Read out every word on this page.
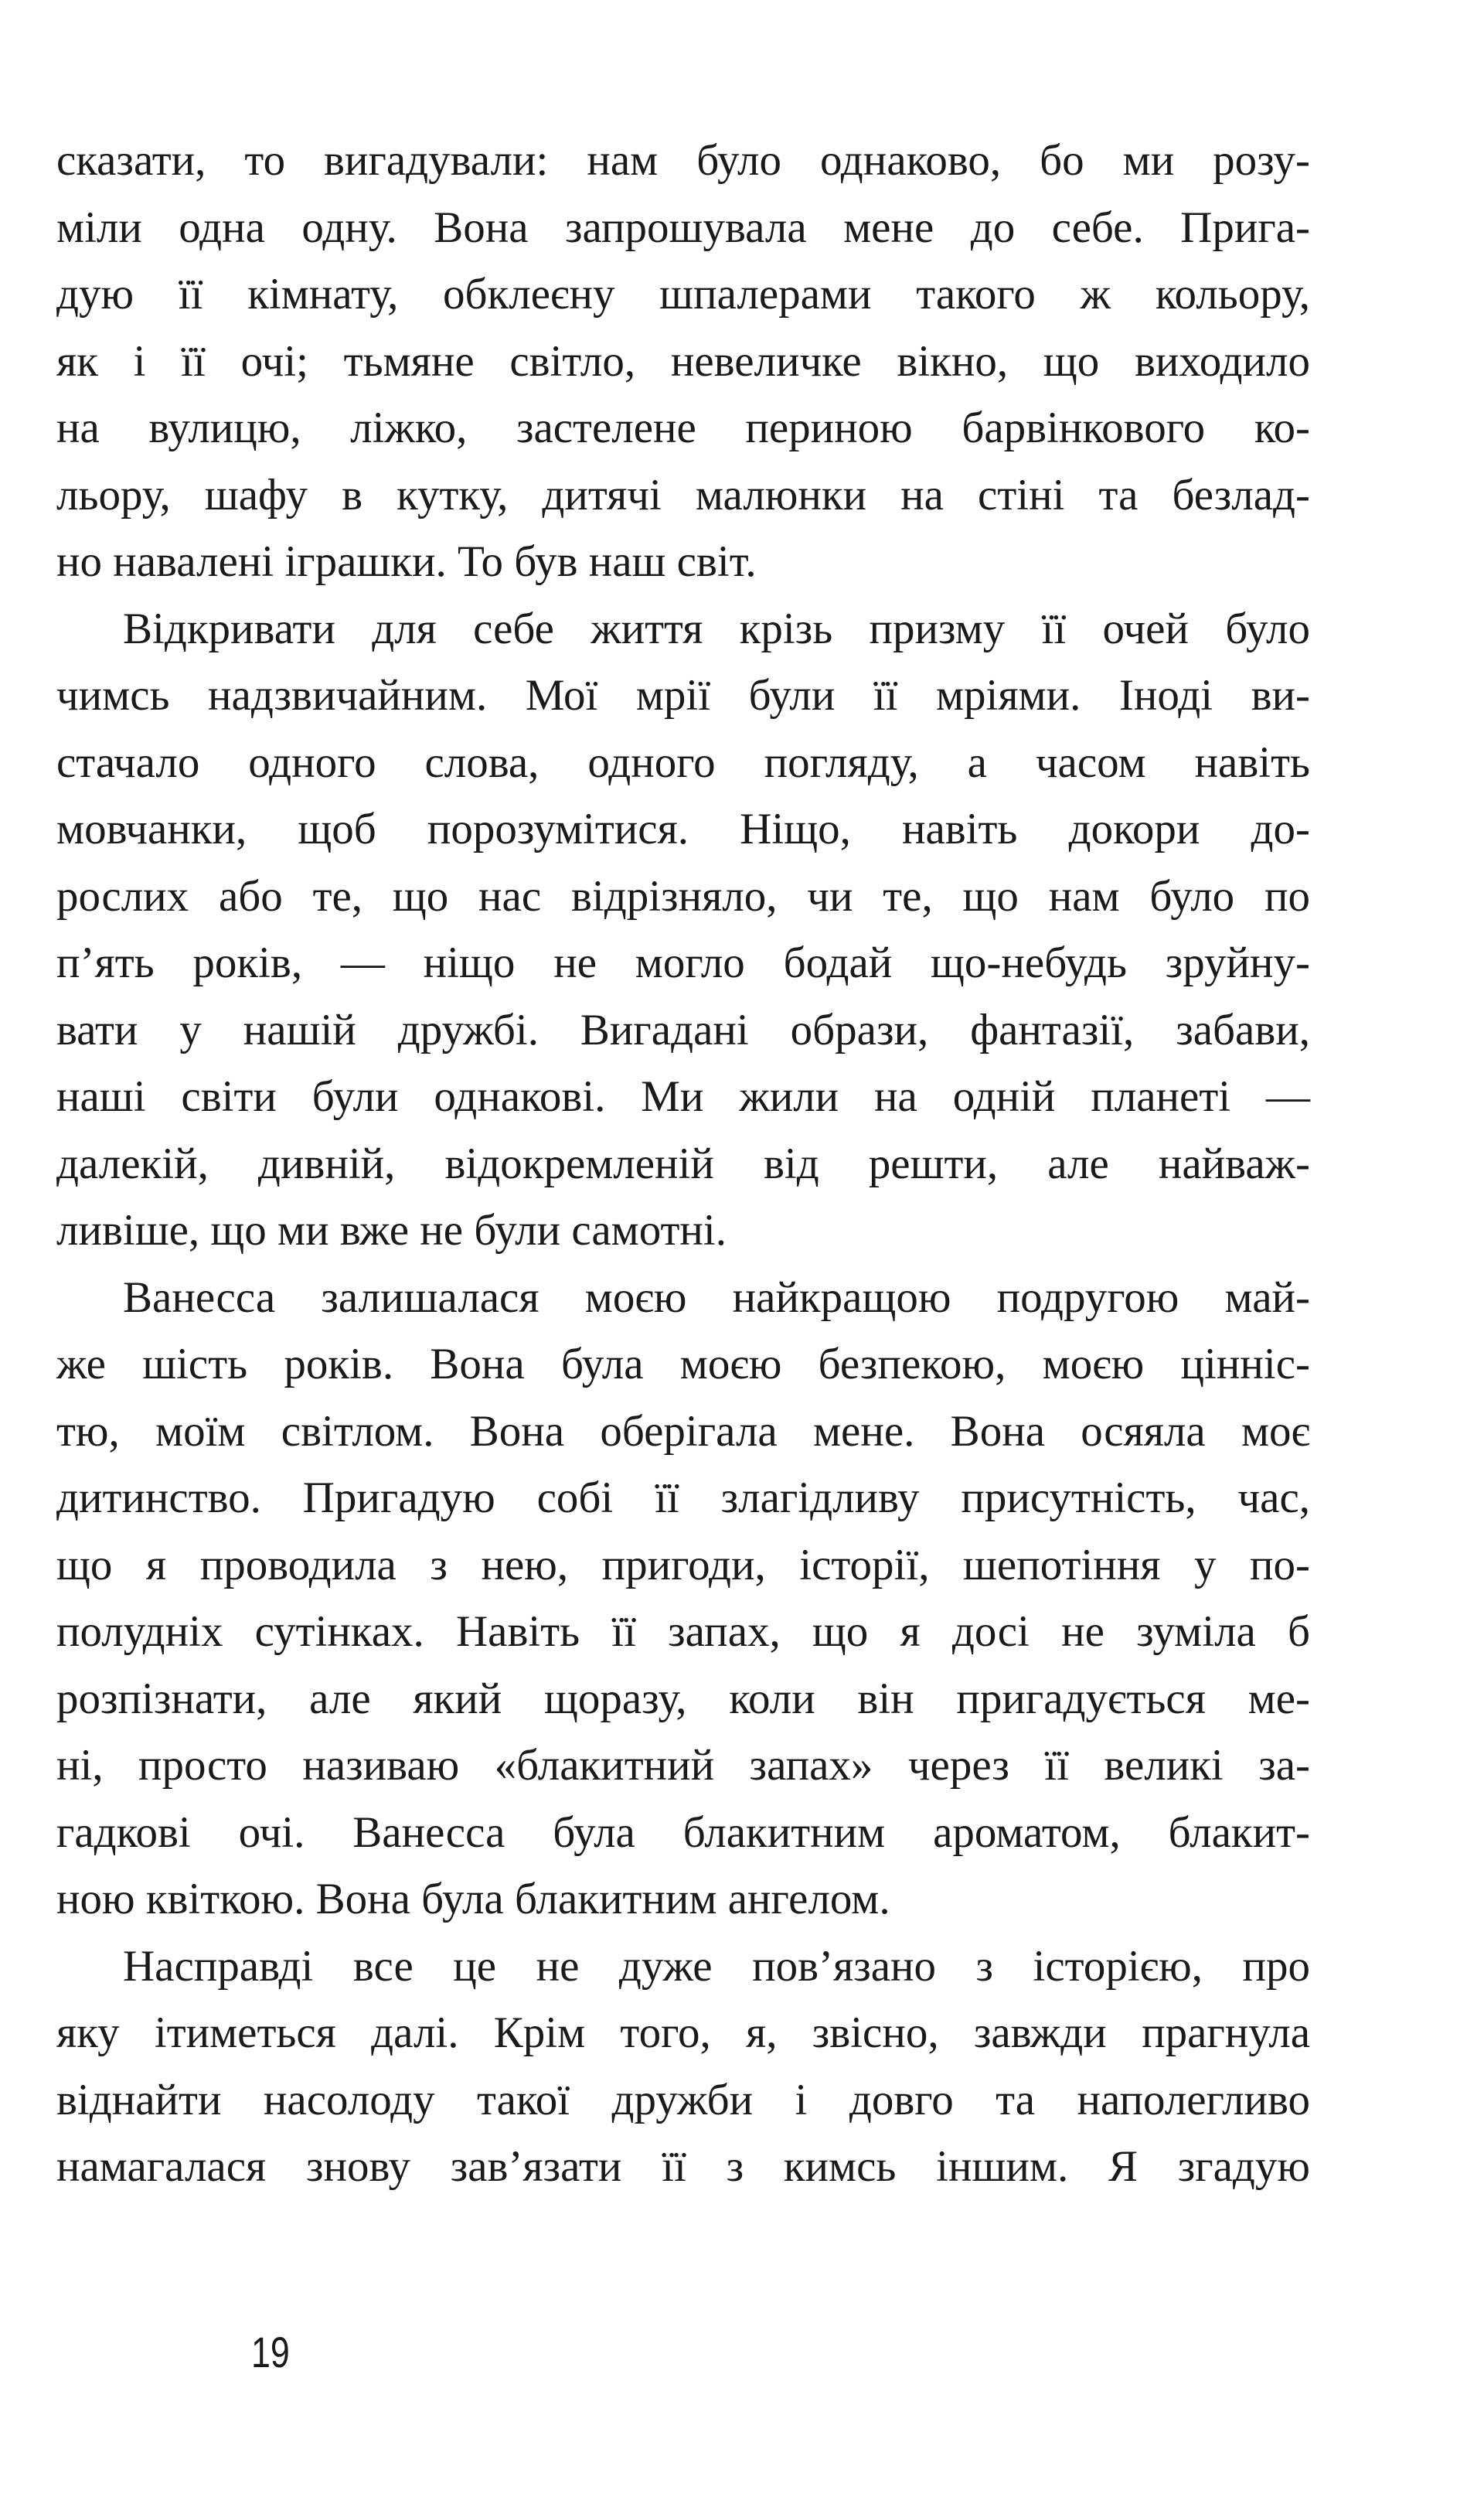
сказати, то вигадували: нам було однаково, бо ми розу-
міли одна одну. Вона запрошувала мене до себе. Прига-
дую її кімнату, обклеєну шпалерами такого ж кольору,
як і її очі; тьмяне світло, невеличке вікно, що виходило
на вулицю, ліжко, застелене периною барвінкового ко-
льору, шафу в кутку, дитячі малюнки на стіні та безлад-
но навалені іграшки. То був наш світ.
Відкривати для себе життя крізь призму її очей було
чимсь надзвичайним. Мої мрії були її мріями. Іноді ви-
стачало одного слова, одного погляду, а часом навіть
мовчанки, щоб порозумітися. Ніщо, навіть докори до-
рослих або те, що нас відрізняло, чи те, що нам було по
п’ять років, — ніщо не могло бодай що-небудь зруйну-
вати у нашій дружбі. Вигадані образи, фантазії, забави,
наші світи були однакові. Ми жили на одній планеті —
далекій, дивній, відокремленій від решти, але найваж-
ливіше, що ми вже не були самотні.
Ванесса залишалася моєю найкращою подругою май-
же шість років. Вона була моєю безпекою, моєю цінніс-
тю, моїм світлом. Вона оберігала мене. Вона осяяла моє
дитинство. Пригадую собі її злагідливу присутність, час,
що я проводила з нею, пригоди, історії, шепотіння у по-
полудніх сутінках. Навіть її запах, що я досі не зуміла б
розпізнати, але який щоразу, коли він пригадується ме-
ні, просто називаю «блакитний запах» через її великі за-
гадкові очі. Ванесса була блакитним ароматом, блакит-
ною квіткою. Вона була блакитним ангелом.
Насправді все це не дуже пов’язано з історією, про
яку ітиметься далі. Крім того, я, звісно, завжди прагнула
віднайти насолоду такої дружби і довго та наполегливо
намагалася знову зав’язати її з кимсь іншим. Я згадую
19
